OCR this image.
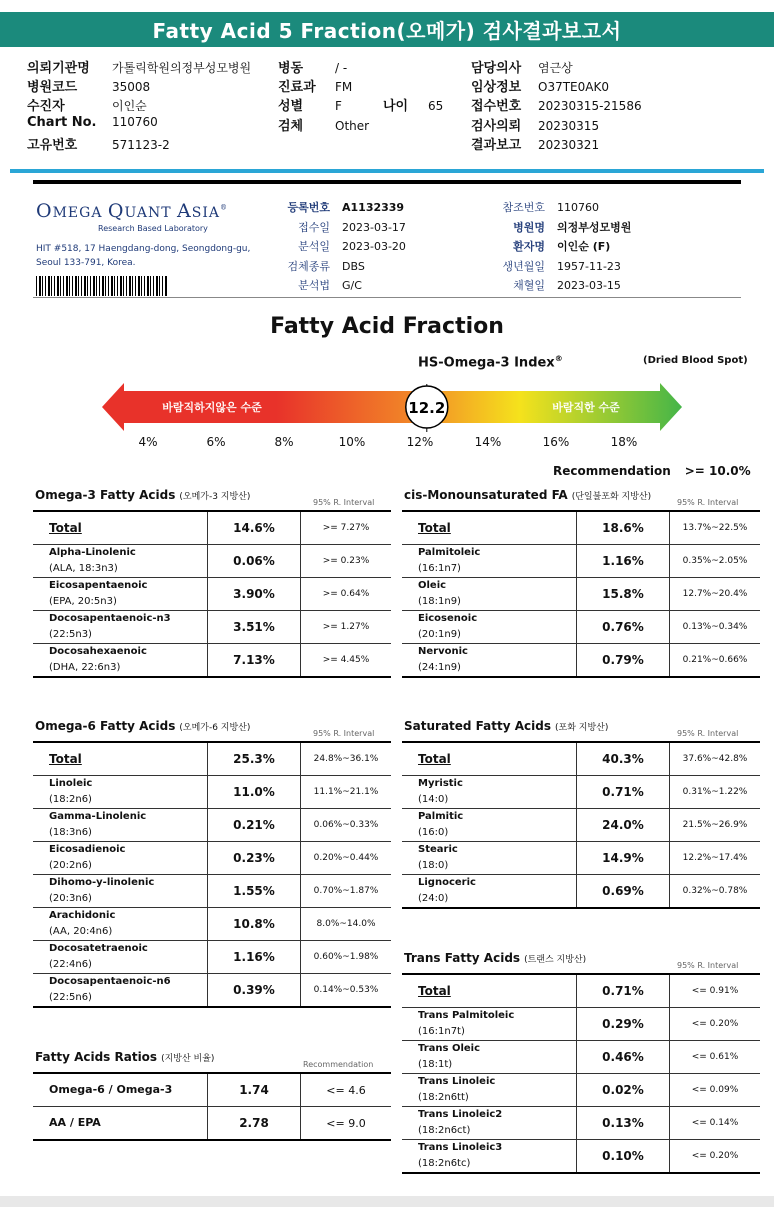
Fatty Acid 5 Fraction(오메가) 검사결과보고서
의뢰기관명 가톨릭학원의정부성모병원
병원코드	35008
수진자	이인순
Chart No. 110760
고유번호	571123-2
병동	/ -
진료과 FM
성별	F
검체	Other
나이 65
담당의사 염근상
임상정보 O37TE0AK0
접수번호 20230315-21586
검사의뢰 20230315
결과보고 20230321
OMEGA QUANT ASIA®
Research Based Laboratory
HIT #518, 17 Haengdang-dong, Seongdong-gu,
Seoul 133-791, Korea.
등록번호 A1132339
접수일 2023-03-17
분석일 2023-03-20
검체종류 DBS
분석법 G/C
참조번호 110760
병원명 의정부성모병원
환자명 이인순 (F)
생년월일 1957-11-23
채혈일 2023-03-15
Fatty Acid Fraction
HS-Omega-3 Index®	(Dried Blood Spot)
바람직하지않은 수준	바람직한 수준
12.2
4%	6%	8%	10%	12%	14%	16%	18%
Recommendation >= 10.0%
Omega-3 Fatty Acids (오메가-3 지방산)
95% R. Interval
Total	14.6%	>= 7.27%

Alpha-Linolenic
(ALA, 18:3n3)	0.06%	>= 0.23%

Eicosapentaenoic
(EPA, 20:5n3)	3.90%	>= 0.64%

Docosapentaenoic-n3
(22:5n3)	3.51%	>= 1.27%

Docosahexaenoic
(DHA, 22:6n3)	7.13%	>= 4.45%
cis-Monounsaturated FA (단일불포화 지방산)
95% R. Interval
Total	18.6%	13.7%~22.5%

Palmitoleic
(16:1n7)	1.16%	0.35%~2.05%

Oleic
(18:1n9)	15.8%	12.7%~20.4%

Eicosenoic
(20:1n9)	0.76%	0.13%~0.34%

Nervonic
(24:1n9)	0.79%	0.21%~0.66%
Omega-6 Fatty Acids (오메가-6 지방산)
95% R. Interval
Total	25.3%	24.8%~36.1%

Linoleic
(18:2n6)	11.0%	11.1%~21.1%

Gamma-Linolenic
(18:3n6)	0.21%	0.06%~0.33%

Eicosadienoic
(20:2n6)	0.23%	0.20%~0.44%

Dihomo-y-linolenic
(20:3n6)	1.55%	0.70%~1.87%

Arachidonic
(AA, 20:4n6)	10.8%	8.0%~14.0%

Docosatetraenoic
(22:4n6)	1.16%	0.60%~1.98%

Docosapentaenoic-n6
(22:5n6)	0.39%	0.14%~0.53%
Saturated Fatty Acids (포화 지방산)
95% R. Interval
Total	40.3%	37.6%~42.8%

Myristic
(14:0)	0.71%	0.31%~1.22%

Palmitic
(16:0)	24.0%	21.5%~26.9%

Stearic
(18:0)	14.9%	12.2%~17.4%

Lignoceric
(24:0)	0.69%	0.32%~0.78%
Trans Fatty Acids (트랜스 지방산)
95% R. Interval
Total	0.71%	<= 0.91%

Trans Palmitoleic
(16:1n7t)	0.29%	<= 0.20%

Trans Oleic
(18:1t)	0.46%	<= 0.61%

Trans Linoleic
(18:2n6tt)	0.02%	<= 0.09%

Trans Linoleic2
(18:2n6ct)	0.13%	<= 0.14%

Trans Linoleic3
(18:2n6tc)	0.10%	<= 0.20%
Fatty Acids Ratios (지방산 비율)
Recommendation
Omega-6 / Omega-3	1.74	<= 4.6

AA / EPA	2.78	<= 9.0
